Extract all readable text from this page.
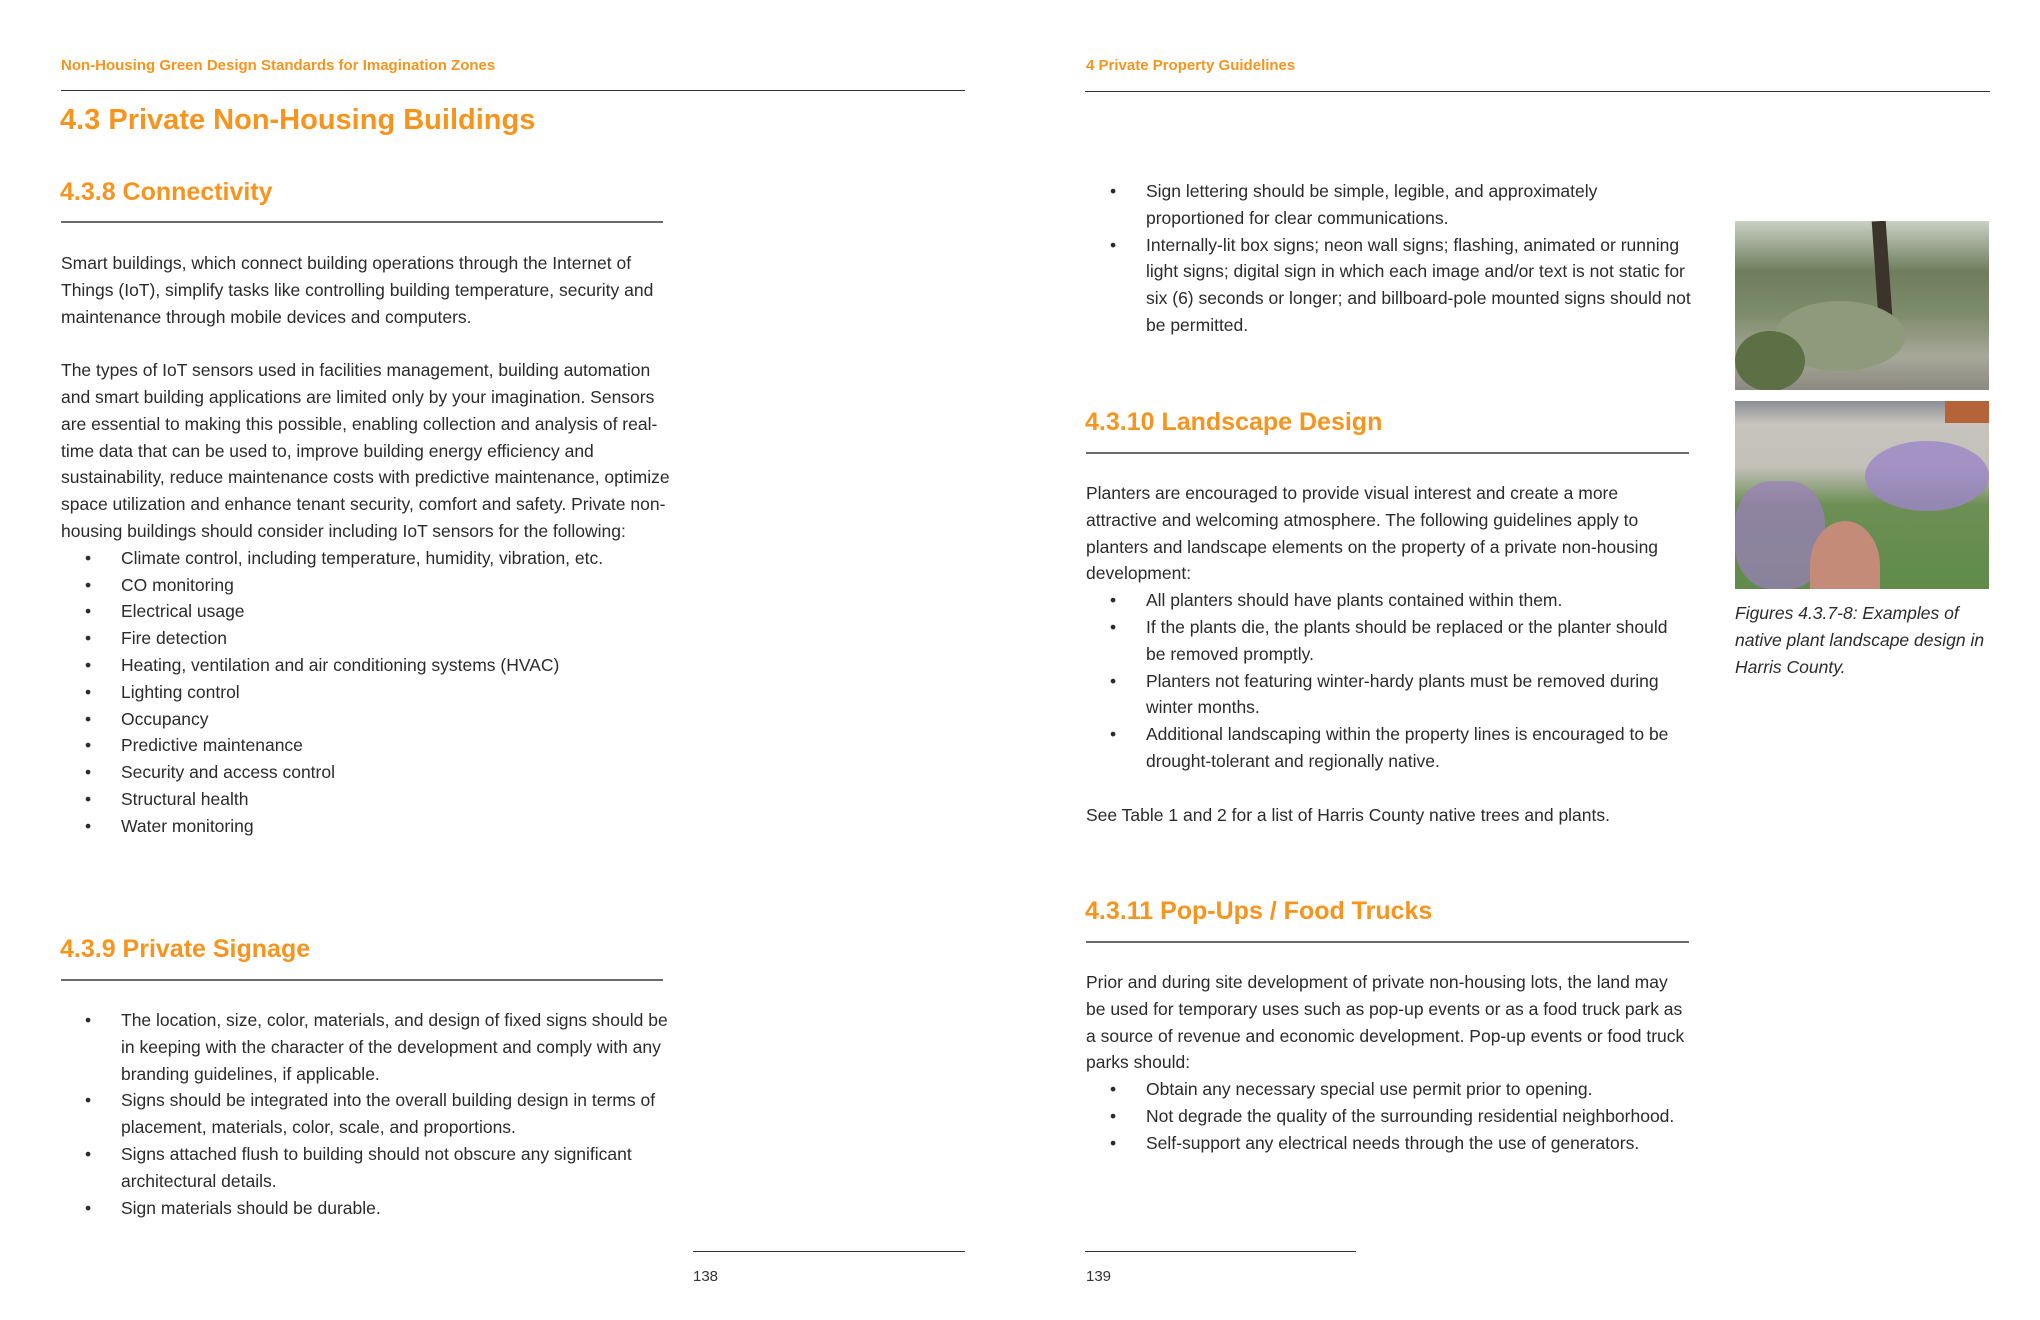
Non-Housing Green Design Standards for Imagination Zones
4.3 Private Non-Housing Buildings
4.3.8 Connectivity

Smart buildings, which connect building operations through the Internet of Things (IoT), simplify tasks like controlling building temperature, security and maintenance through mobile devices and computers.

The types of IoT sensors used in facilities management, building automation and smart building applications are limited only by your imagination. Sensors are essential to making this possible, enabling collection and analysis of real-time data that can be used to, improve building energy efficiency and sustainability, reduce maintenance costs with predictive maintenance, optimize space utilization and enhance tenant security, comfort and safety. Private non-housing buildings should consider including IoT sensors for the following:

• Climate control, including temperature, humidity, vibration, etc.
• CO monitoring
• Electrical usage
• Fire detection
• Heating, ventilation and air conditioning systems (HVAC)
• Lighting control
• Occupancy
• Predictive maintenance
• Security and access control
• Structural health
• Water monitoring
4.3.9 Private Signage
• The location, size, color, materials, and design of fixed signs should be in keeping with the character of the development and comply with any branding guidelines, if applicable.
• Signs should be integrated into the overall building design in terms of placement, materials, color, scale, and proportions.
• Signs attached flush to building should not obscure any significant architectural details.
• Sign materials should be durable.
138
4 Private Property Guidelines
• Sign lettering should be simple, legible, and approximately proportioned for clear communications.
• Internally-lit box signs; neon wall signs; flashing, animated or running light signs; digital sign in which each image and/or text is not static for six (6) seconds or longer; and billboard-pole mounted signs should not be permitted.
4.3.10 Landscape Design

Planters are encouraged to provide visual interest and create a more attractive and welcoming atmosphere. The following guidelines apply to planters and landscape elements on the property of a private non-housing development:

• All planters should have plants contained within them.
• If the plants die, the plants should be replaced or the planter should be removed promptly.
• Planters not featuring winter-hardy plants must be removed during winter months.
• Additional landscaping within the property lines is encouraged to be drought-tolerant and regionally native.

See Table 1 and 2 for a list of Harris County native trees and plants.

4.3.11 Pop-Ups / Food Trucks

Prior and during site development of private non-housing lots, the land may be used for temporary uses such as pop-up events or as a food truck park as a source of revenue and economic development. Pop-up events or food truck parks should:

• Obtain any necessary special use permit prior to opening.
• Not degrade the quality of the surrounding residential neighborhood.
• Self-support any electrical needs through the use of generators.
Figures 4.3.7-8: Examples of native plant landscape design in Harris County.
139
